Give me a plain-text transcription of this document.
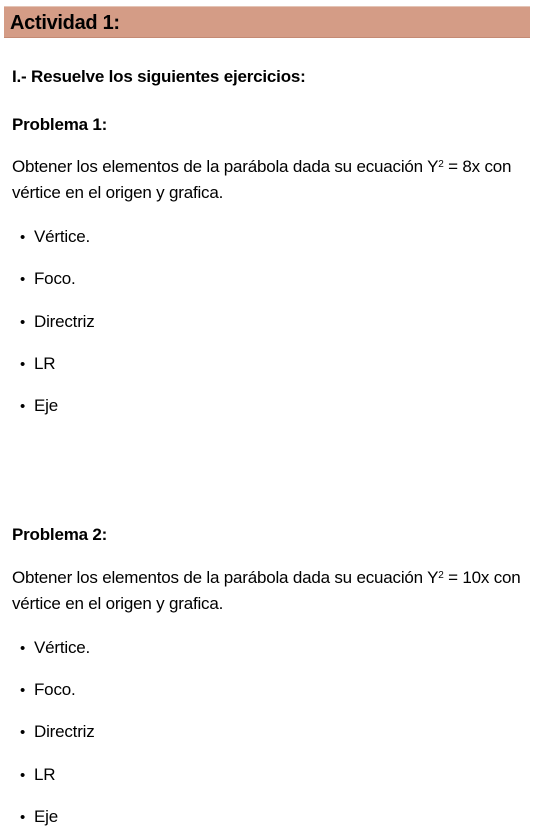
Actividad 1:
I.- Resuelve los siguientes ejercicios:
Problema 1:
Obtener los elementos de la parábola dada su ecuación $Y^2 = 8x$ con vértice en el origen y grafica.
• Vértice.
• Foco.
• Directriz
• LR
• Eje
Problema 2:
Obtener los elementos de la parábola dada su ecuación $Y^2 = 10x$ con vértice en el origen y grafica.
• Vértice.
• Foco.
• Directriz
• LR
• Eje
